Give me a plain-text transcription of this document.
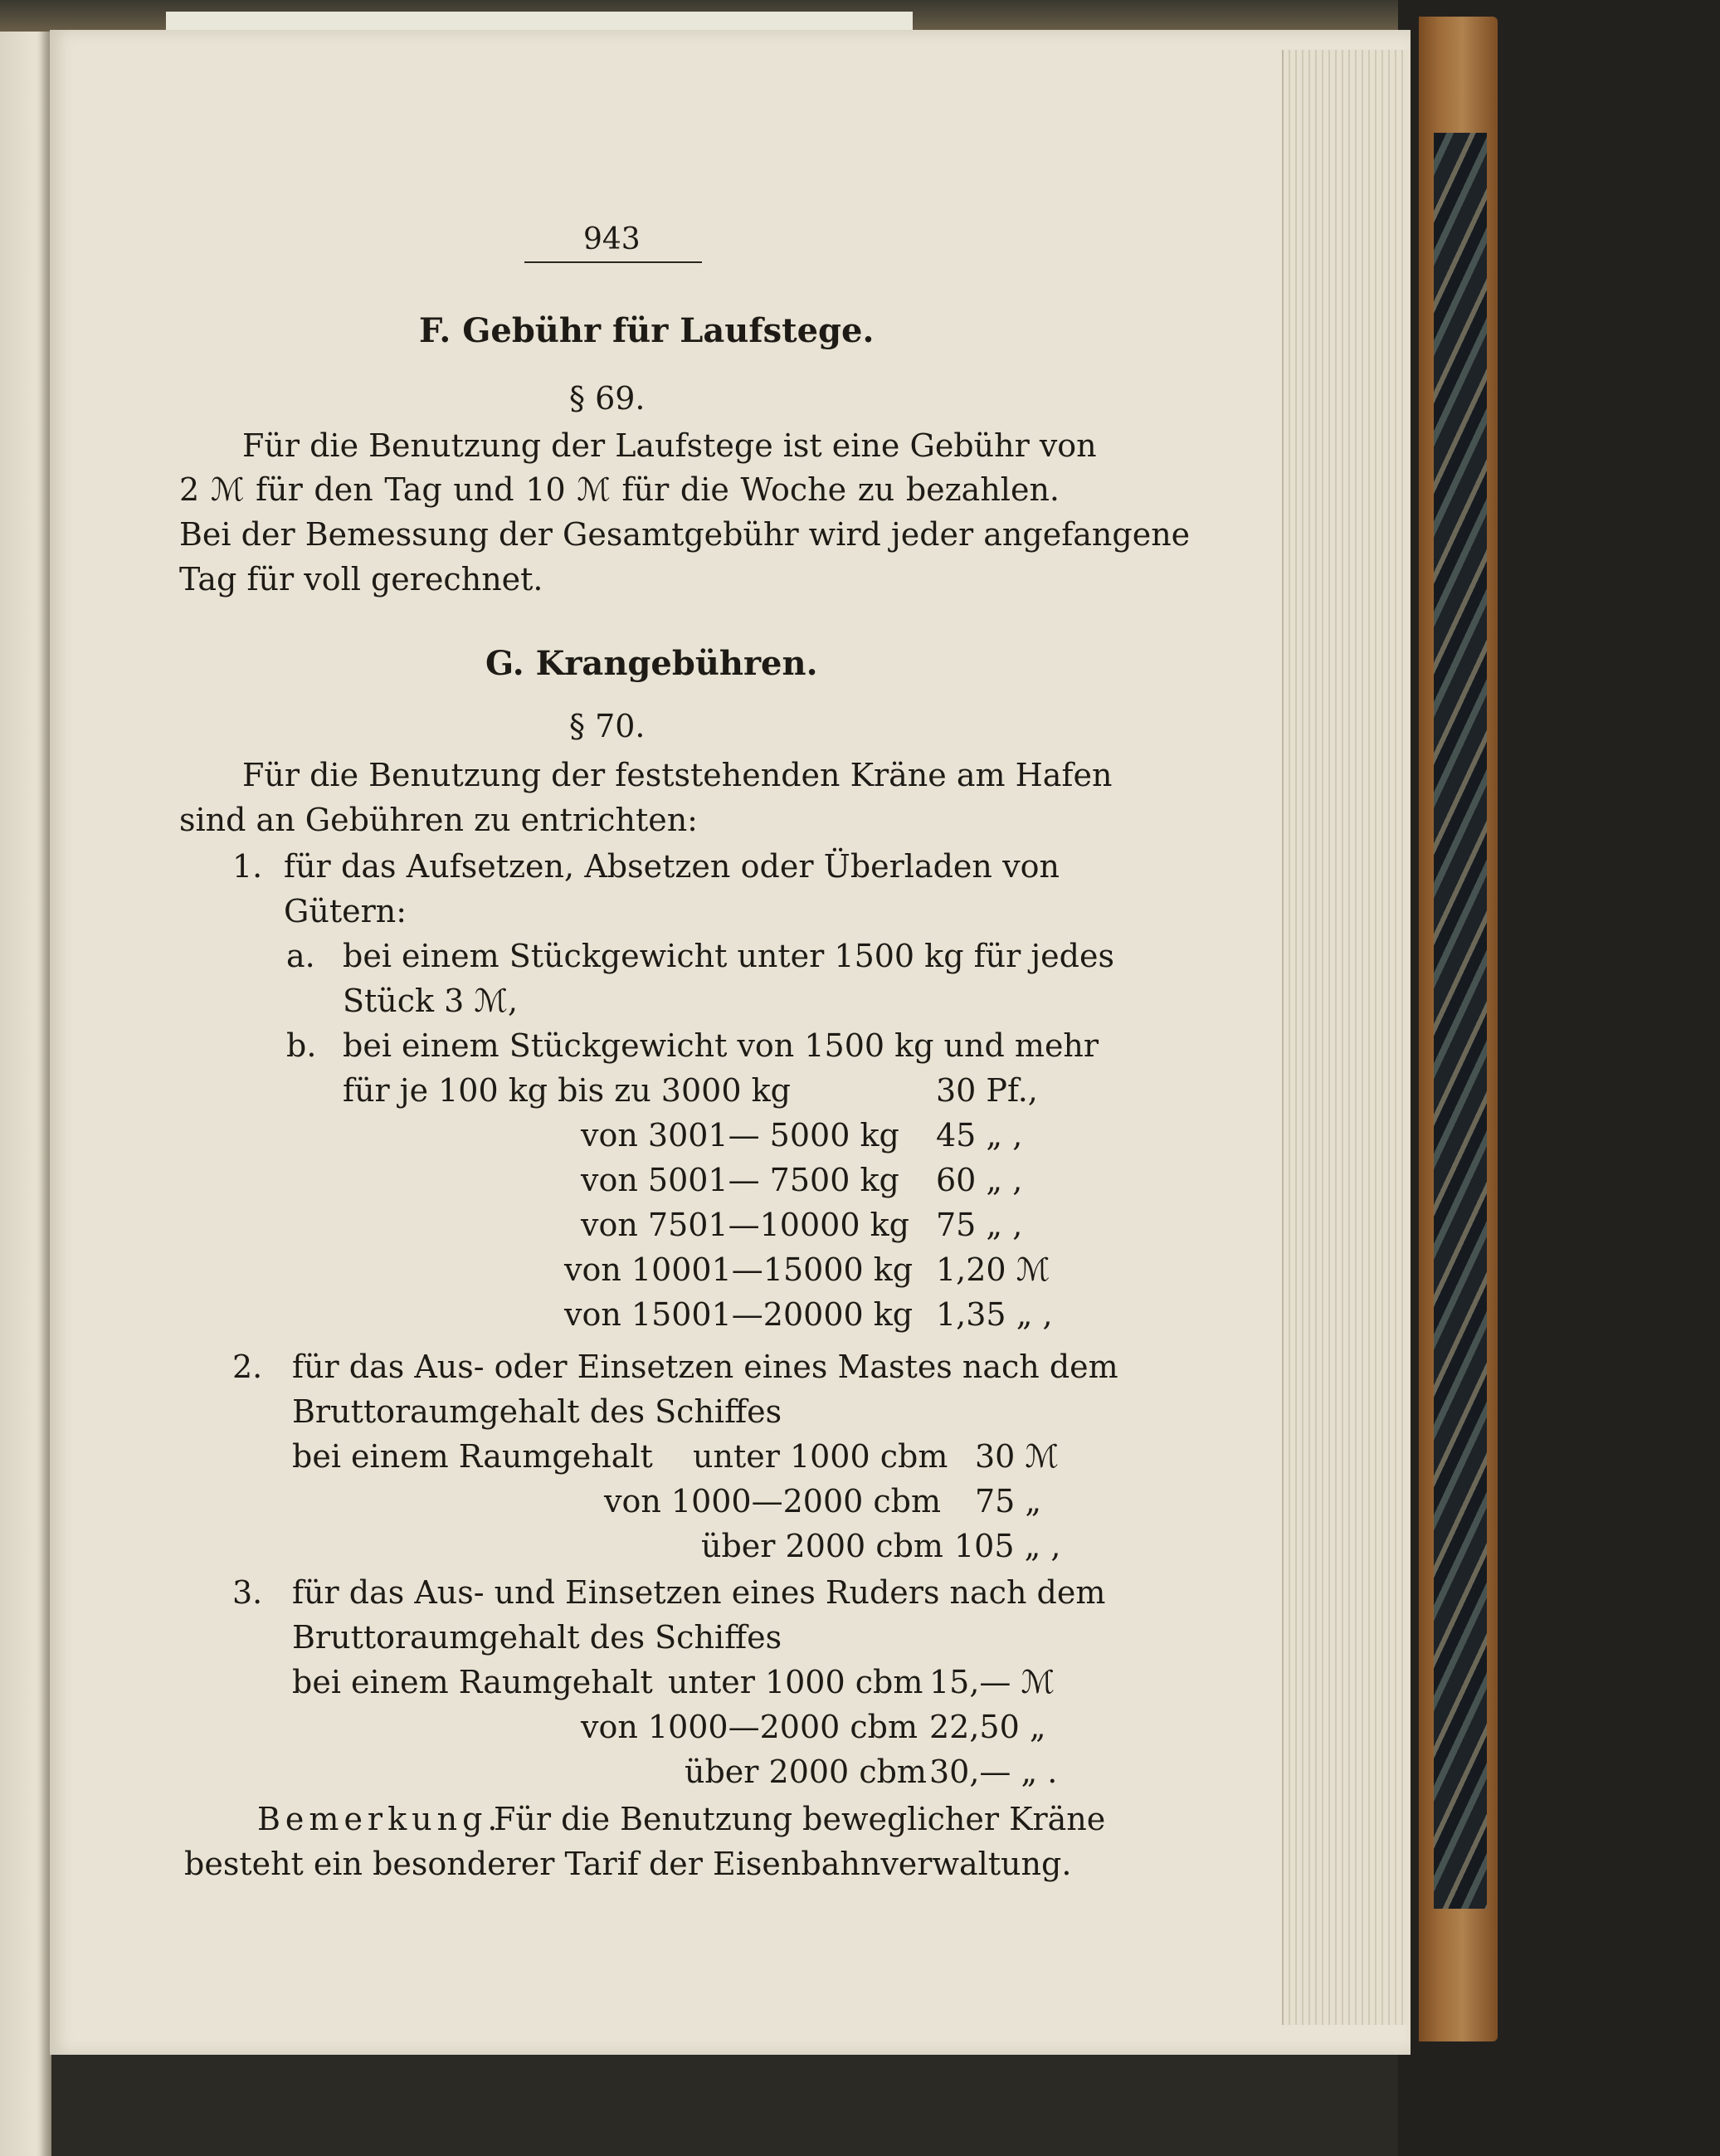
943
F. Gebühr für Laufstege.
§ 69.
Für die Benutzung der Laufstege ist eine Gebühr von
2 ℳ für den Tag und 10 ℳ für die Woche zu bezahlen.
Bei der Bemessung der Gesamtgebühr wird jeder angefangene
Tag für voll gerechnet.
G. Krangebühren.
§ 70.
Für die Benutzung der feststehenden Kräne am Hafen
sind an Gebühren zu entrichten:
1. für das Aufsetzen, Absetzen oder Überladen von
Gütern:
a. bei einem Stückgewicht unter 1500 kg für jedes
Stück 3 ℳ,
b. bei einem Stückgewicht von 1500 kg und mehr
für je 100 kg bis zu 3000 kg	30 Pf.,
von 3001— 5000 kg 45 „ ,
von 5001— 7500 kg 60 „ ,
von 7501—10000 kg 75 „ ,
von 10001—15000 kg 1,20 ℳ
von 15001—20000 kg 1,35 „ ,
2. für das Aus- oder Einsetzen eines Mastes nach dem
Bruttoraumgehalt des Schiffes
bei einem Raumgehalt unter 1000 cbm 30 ℳ
von 1000—2000 cbm 75 „
über 2000 cbm 105 „ ,
3. für das Aus- und Einsetzen eines Ruders nach dem
Bruttoraumgehalt des Schiffes
bei einem Raumgehalt unter 1000 cbm 15,— ℳ
von 1000—2000 cbm 22,50 „
über 2000 cbm 30,— „ .
Bemerkung.
Für die Benutzung beweglicher Kräne
besteht ein besonderer Tarif der Eisenbahnverwaltung.
